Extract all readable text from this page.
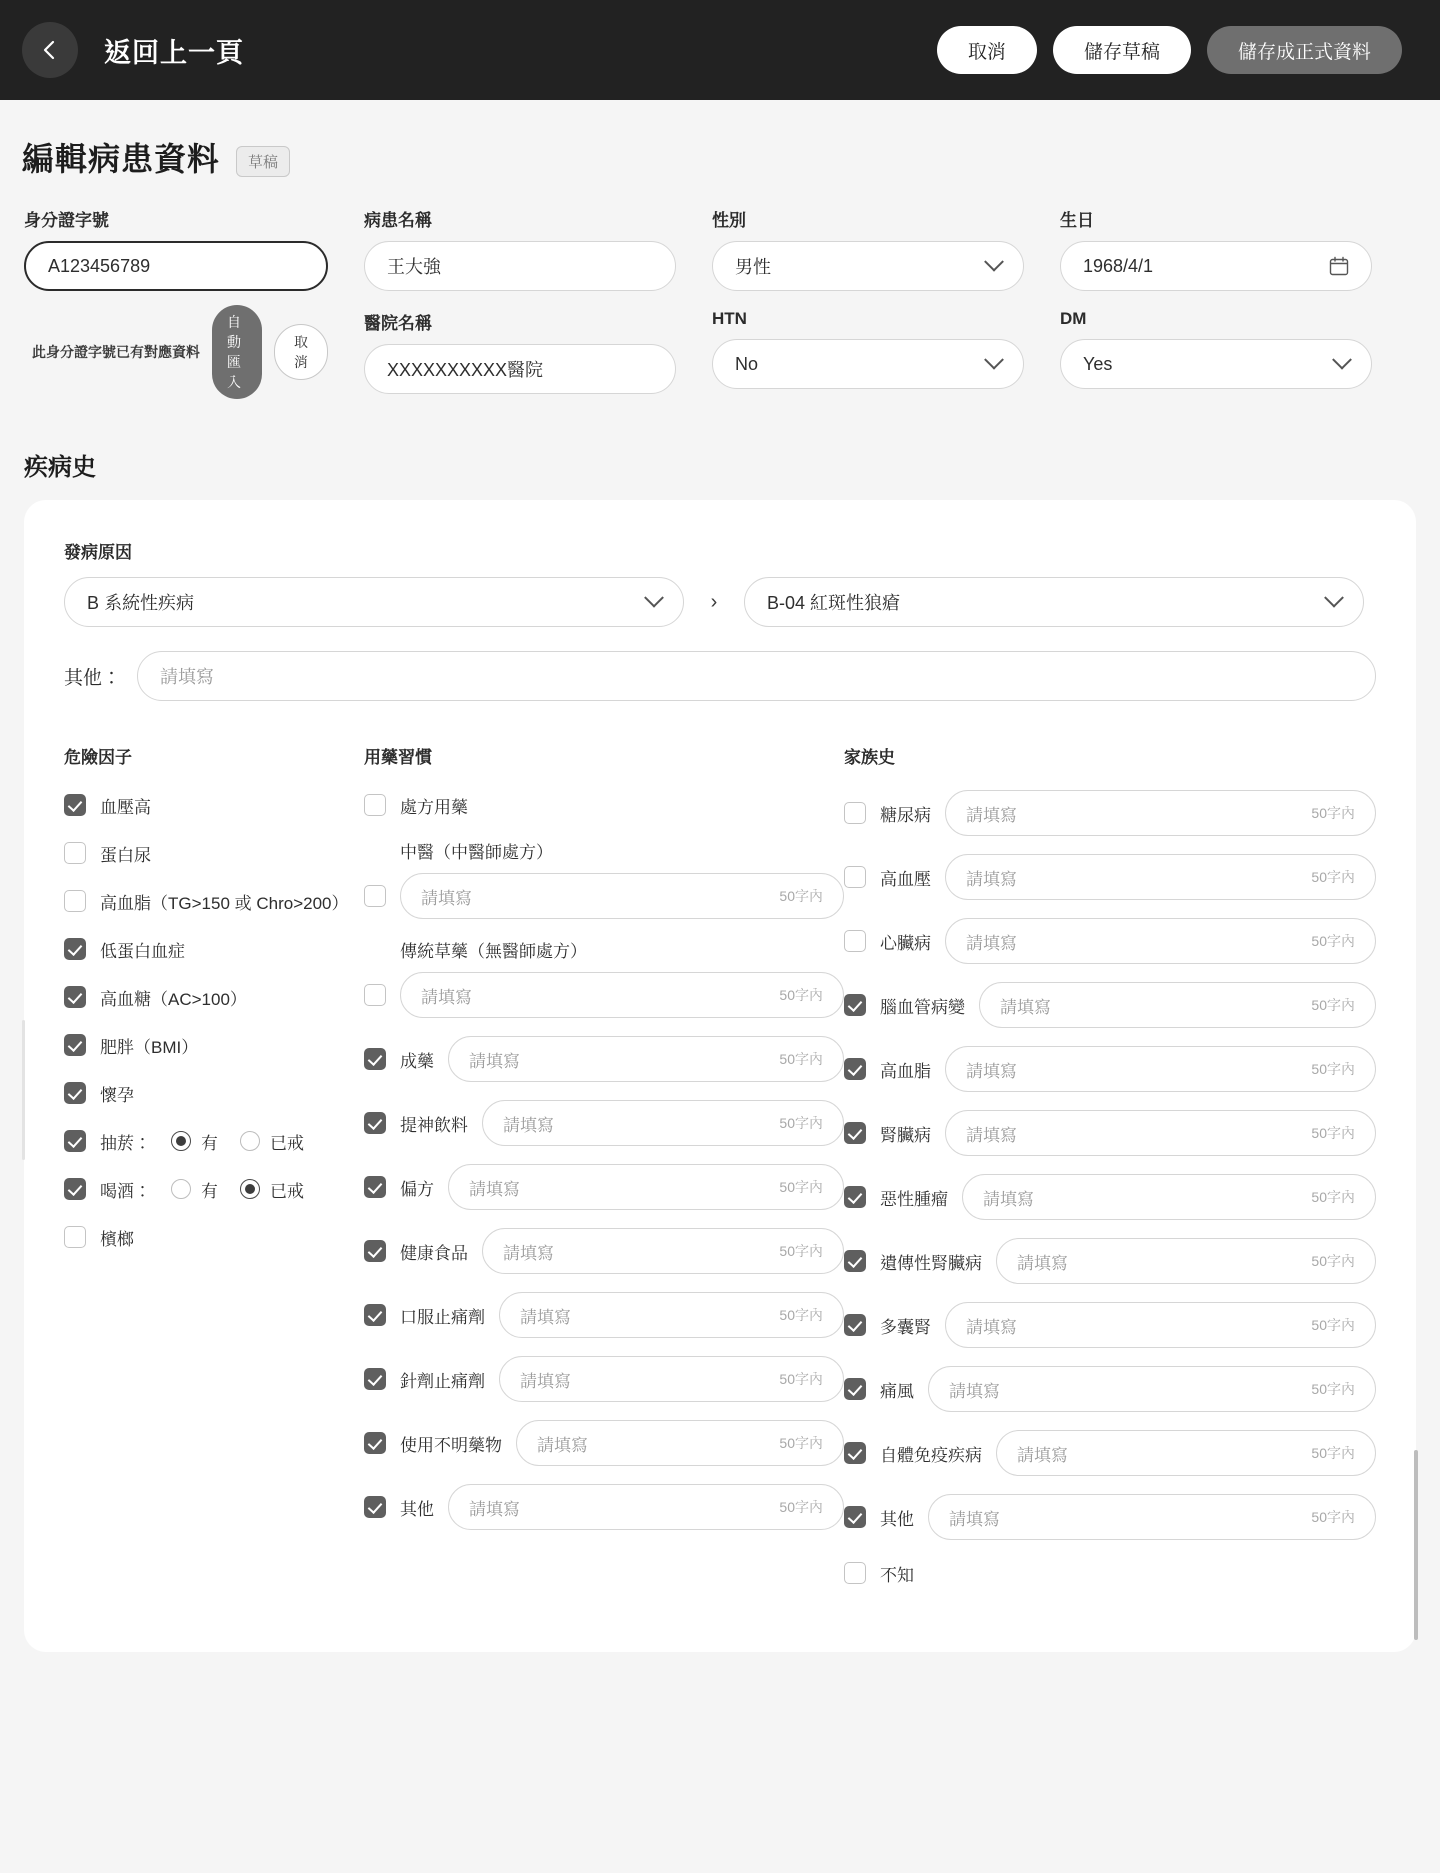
返回上一頁	取消	儲存草稿	儲存成正式資料
編輯病患資料	草稿
身分證字號
A123456789
此身分證字號已有對應資料
自動匯入
取消
病患名稱
王大強
醫院名稱
XXXXXXXXXX醫院
性別
男性
HTN
No
生日
1968/4/1
DM
Yes
疾病史
發病原因
B 系統性疾病	›	B-04 紅斑性狼瘡
其他： 請填寫
危險因子
血壓高
蛋白尿
高血脂（TG>150 或 Chro>200）
低蛋白血症
高血糖（AC>100）
肥胖（BMI）
懷孕
抽菸：	有	已戒
喝酒：	有	已戒
檳榔
用藥習慣
處方用藥
中醫（中醫師處方）
請填寫	50字內
傳統草藥（無醫師處方）
請填寫	50字內
成藥 請填寫	50字內
提神飲料 請填寫	50字內
偏方 請填寫	50字內
健康食品 請填寫	50字內
口服止痛劑 請填寫	50字內
針劑止痛劑 請填寫	50字內
使用不明藥物 請填寫	50字內
其他 請填寫	50字內
家族史
糖尿病 請填寫	50字內
高血壓 請填寫	50字內
心臟病 請填寫	50字內
腦血管病變 請填寫	50字內
高血脂 請填寫	50字內
腎臟病 請填寫	50字內
惡性腫瘤 請填寫	50字內
遺傳性腎臟病 請填寫	50字內
多囊腎 請填寫	50字內
痛風 請填寫	50字內
自體免疫疾病 請填寫	50字內
其他 請填寫	50字內
不知
